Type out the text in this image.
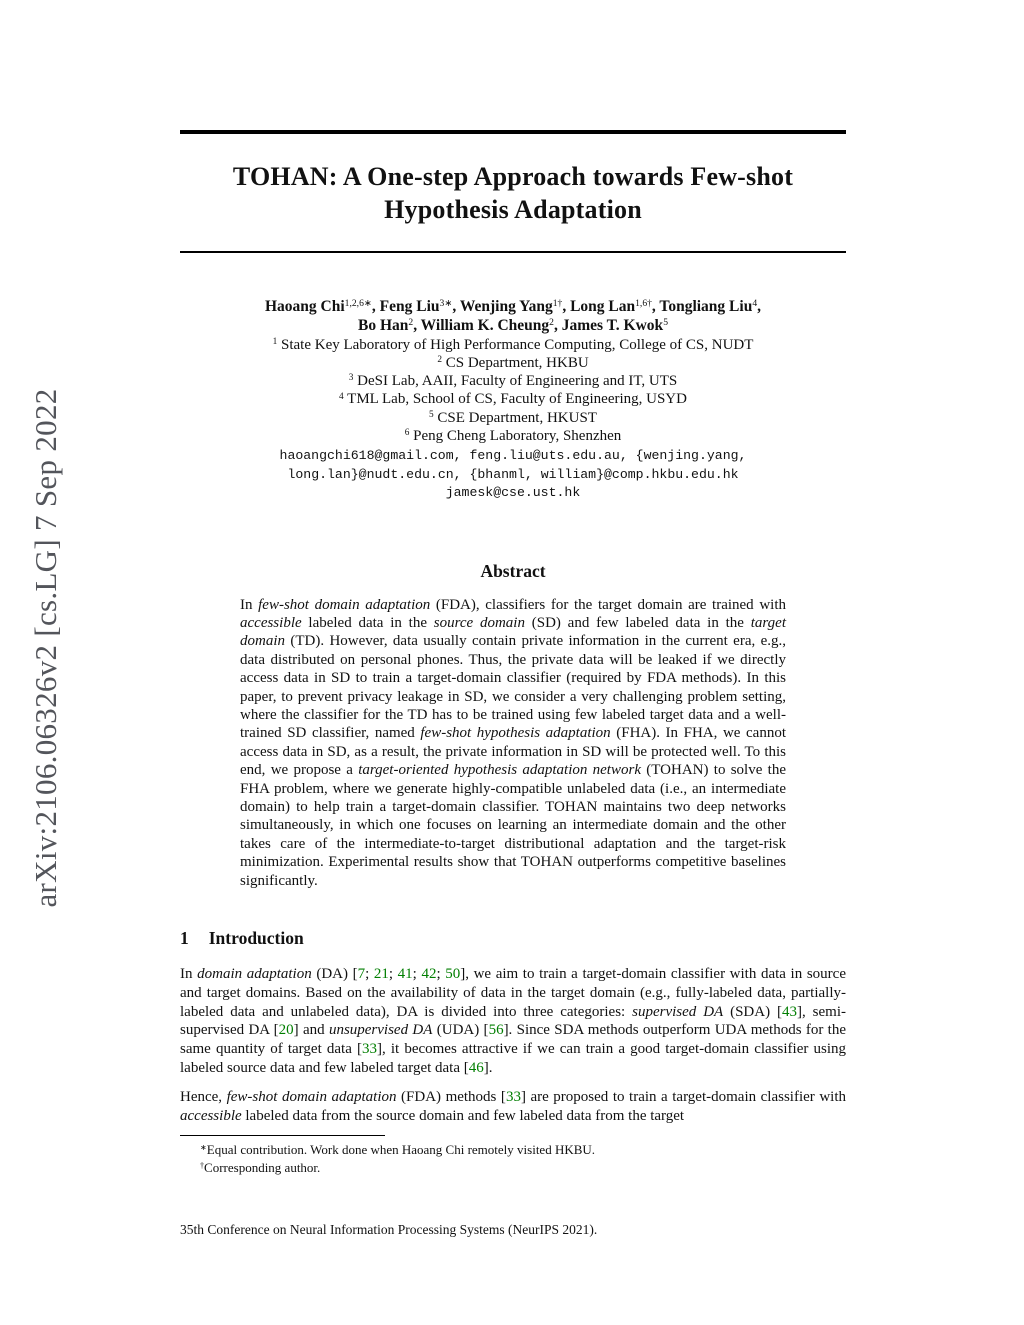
arXiv:2106.06326v2 [cs.LG] 7 Sep 2022
TOHAN: A One-step Approach towards Few-shot Hypothesis Adaptation
Haoang Chi$^{1,2,6∗}$, Feng Liu$^{3∗}$, Wenjing Yang$^{1\dagger}$, Long Lan$^{1,6\dagger}$, Tongliang Liu$^4$,
Bo Han$^2$, William K. Cheung$^2$, James T. Kwok$^5$
$^1$ State Key Laboratory of High Performance Computing, College of CS, NUDT
$^2$ CS Department, HKBU
$^3$ DeSI Lab, AAII, Faculty of Engineering and IT, UTS
$^4$ TML Lab, School of CS, Faculty of Engineering, USYD
$^5$ CSE Department, HKUST
$^6$ Peng Cheng Laboratory, Shenzhen
haoangchi618@gmail.com, feng.liu@uts.edu.au, {wenjing.yang,
long.lan}@nudt.edu.cn, {bhanml, william}@comp.hkbu.edu.hk
jamesk@cse.ust.hk
Abstract

In few-shot domain adaptation (FDA), classifiers for the target domain are trained with accessible labeled data in the source domain (SD) and few labeled data in the target domain (TD). However, data usually contain private information in the current era, e.g., data distributed on personal phones. Thus, the private data will be leaked if we directly access data in SD to train a target-domain classifier (required by FDA methods). In this paper, to prevent privacy leakage in SD, we consider a very challenging problem setting, where the classifier for the TD has to be trained using few labeled target data and a well-trained SD classifier, named few-shot hypothesis adaptation (FHA). In FHA, we cannot access data in SD, as a result, the private information in SD will be protected well. To this end, we propose a target-oriented hypothesis adaptation network (TOHAN) to solve the FHA problem, where we generate highly-compatible unlabeled data (i.e., an intermediate domain) to help train a target-domain classifier. TOHAN maintains two deep networks simultaneously, in which one focuses on learning an intermediate domain and the other takes care of the intermediate-to-target distributional adaptation and the target-risk minimization. Experimental results show that TOHAN outperforms competitive baselines significantly.

1 Introduction

In domain adaptation (DA) [7; 21; 41; 42; 50], we aim to train a target-domain classifier with data in source and target domains. Based on the availability of data in the target domain (e.g., fully-labeled data, partially-labeled data and unlabeled data), DA is divided into three categories: supervised DA (SDA) [43], semi-supervised DA [20] and unsupervised DA (UDA) [56]. Since SDA methods outperform UDA methods for the same quantity of target data [33], it becomes attractive if we can train a good target-domain classifier using labeled source data and few labeled target data [46].

Hence, few-shot domain adaptation (FDA) methods [33] are proposed to train a target-domain classifier with accessible labeled data from the source domain and few labeled data from the target

∗Equal contribution. Work done when Haoang Chi remotely visited HKBU.
†Corresponding author.
35th Conference on Neural Information Processing Systems (NeurIPS 2021).
